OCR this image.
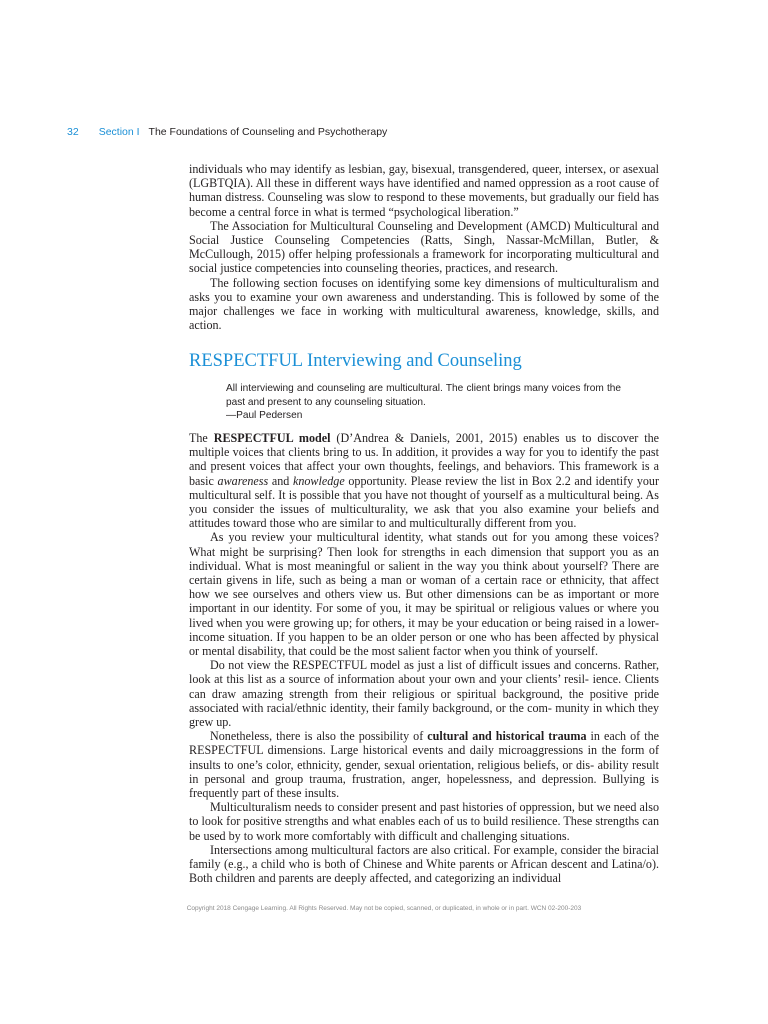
32 Section I The Foundations of Counseling and Psychotherapy

individuals who may identify as lesbian, gay, bisexual, transgendered, queer, intersex, or asexual (LGBTQIA). All these in different ways have identified and named oppression as a root cause of human distress. Counseling was slow to respond to these movements, but gradually our field has become a central force in what is termed “psychological liberation.”

The Association for Multicultural Counseling and Development (AMCD) Multicultural and Social Justice Counseling Competencies (Ratts, Singh, Nassar-McMillan, Butler, & McCullough, 2015) offer helping professionals a framework for incorporating multicultural and social justice competencies into counseling theories, practices, and research.

The following section focuses on identifying some key dimensions of multiculturalism and asks you to examine your own awareness and understanding. This is followed by some of the major challenges we face in working with multicultural awareness, knowledge, skills, and action.

RESPECTFUL Interviewing and Counseling

All interviewing and counseling are multicultural. The client brings many voices from the past and present to any counseling situation.

—Paul Pedersen

The RESPECTFUL model (D’Andrea & Daniels, 2001, 2015) enables us to discover the multiple voices that clients bring to us. In addition, it provides a way for you to identify the past and present voices that affect your own thoughts, feelings, and behaviors. This framework is a basic awareness and knowledge opportunity. Please review the list in Box 2.2 and identify your multicultural self. It is possible that you have not thought of yourself as a multicultural being. As you consider the issues of multiculturality, we ask that you also examine your beliefs and attitudes toward those who are similar to and multiculturally different from you.

As you review your multicultural identity, what stands out for you among these voices? What might be surprising? Then look for strengths in each dimension that support you as an individual. What is most meaningful or salient in the way you think about yourself? There are certain givens in life, such as being a man or woman of a certain race or ethnicity, that affect how we see ourselves and others view us. But other dimensions can be as important or more important in our identity. For some of you, it may be spiritual or religious values or where you lived when you were growing up; for others, it may be your education or being raised in a lower-income situation. If you happen to be an older person or one who has been affected by physical or mental disability, that could be the most salient factor when you think of yourself.

Do not view the RESPECTFUL model as just a list of difficult issues and concerns. Rather, look at this list as a source of information about your own and your clients’ resil- ience. Clients can draw amazing strength from their religious or spiritual background, the positive pride associated with racial/ethnic identity, their family background, or the com- munity in which they grew up.

Nonetheless, there is also the possibility of cultural and historical trauma in each of the RESPECTFUL dimensions. Large historical events and daily microaggressions in the form of insults to one’s color, ethnicity, gender, sexual orientation, religious beliefs, or dis- ability result in personal and group trauma, frustration, anger, hopelessness, and depression. Bullying is frequently part of these insults.

Multiculturalism needs to consider present and past histories of oppression, but we need also to look for positive strengths and what enables each of us to build resilience. These strengths can be used by to work more comfortably with difficult and challenging situations.

Intersections among multicultural factors are also critical. For example, consider the biracial family (e.g., a child who is both of Chinese and White parents or African descent and Latina/o). Both children and parents are deeply affected, and categorizing an individual

Copyright 2018 Cengage Learning. All Rights Reserved. May not be copied, scanned, or duplicated, in whole or in part. WCN 02-200-203
